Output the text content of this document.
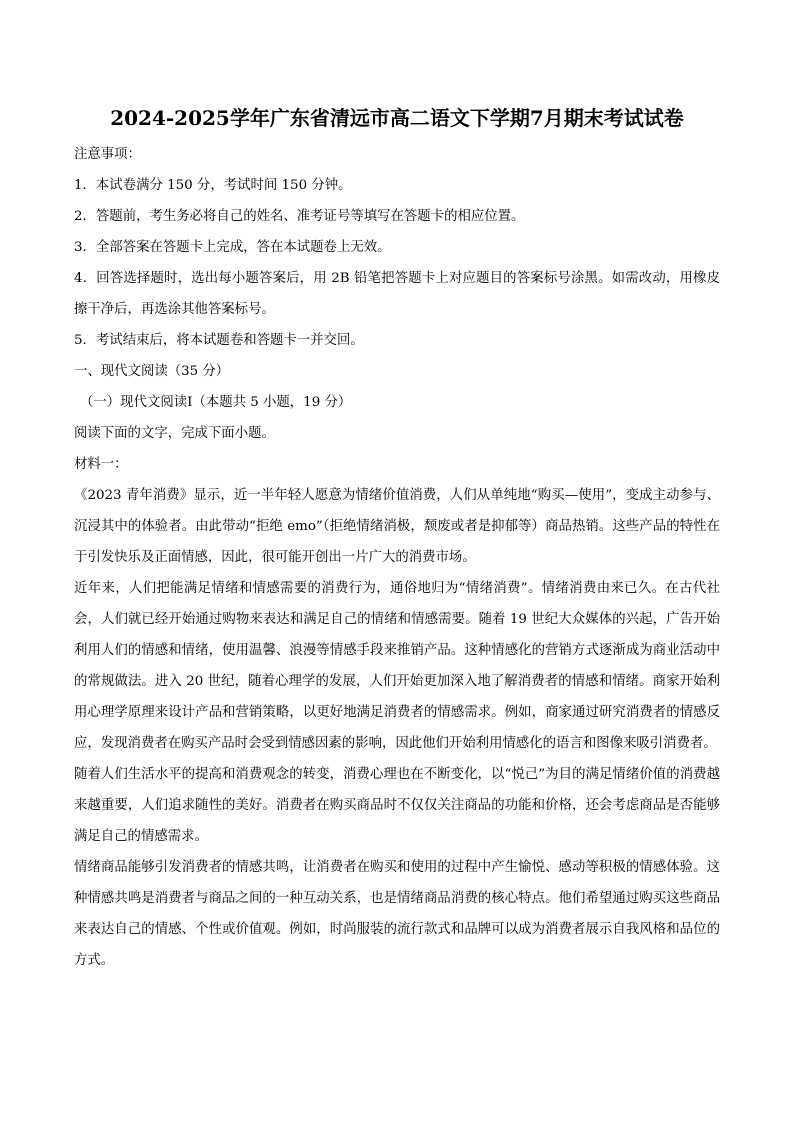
2024-2025学年广东省清远市高二语文下学期7月期末考试试卷

注意事项：

1．本试卷满分 150 分，考试时间 150 分钟。

2．答题前，考生务必将自己的姓名、准考证号等填写在答题卡的相应位置。

3．全部答案在答题卡上完成，答在本试题卷上无效。

4．回答选择题时，选出每小题答案后，用 2B 铅笔把答题卡上对应题目的答案标号涂黑。如需改动，用橡皮擦干净后，再选涂其他答案标号。

5．考试结束后，将本试题卷和答题卡一并交回。

一、现代文阅读（35 分）

（一）现代文阅读Ⅰ（本题共 5 小题，19 分）

阅读下面的文字，完成下面小题。

材料一：

《2023 青年消费》显示，近一半年轻人愿意为情绪价值消费，人们从单纯地“购买—使用”，变成主动参与、沉浸其中的体验者。由此带动“拒绝 emo”（拒绝情绪消极，颓废或者是抑郁等）商品热销。这些产品的特性在于引发快乐及正面情感，因此，很可能开创出一片广大的消费市场。

近年来，人们把能满足情绪和情感需要的消费行为，通俗地归为“情绪消费”。情绪消费由来已久。在古代社会，人们就已经开始通过购物来表达和满足自己的情绪和情感需要。随着 19 世纪大众媒体的兴起，广告开始利用人们的情感和情绪，使用温馨、浪漫等情感手段来推销产品。这种情感化的营销方式逐渐成为商业活动中的常规做法。进入 20 世纪，随着心理学的发展，人们开始更加深入地了解消费者的情感和情绪。商家开始利用心理学原理来设计产品和营销策略，以更好地满足消费者的情感需求。例如，商家通过研究消费者的情感反应，发现消费者在购买产品时会受到情感因素的影响，因此他们开始利用情感化的语言和图像来吸引消费者。

随着人们生活水平的提高和消费观念的转变，消费心理也在不断变化，以“悦己”为目的满足情绪价值的消费越来越重要，人们追求随性的美好。消费者在购买商品时不仅仅关注商品的功能和价格，还会考虑商品是否能够满足自己的情感需求。

情绪商品能够引发消费者的情感共鸣，让消费者在购买和使用的过程中产生愉悦、感动等积极的情感体验。这种情感共鸣是消费者与商品之间的一种互动关系，也是情绪商品消费的核心特点。他们希望通过购买这些商品来表达自己的情感、个性或价值观。例如，时尚服装的流行款式和品牌可以成为消费者展示自我风格和品位的方式。
